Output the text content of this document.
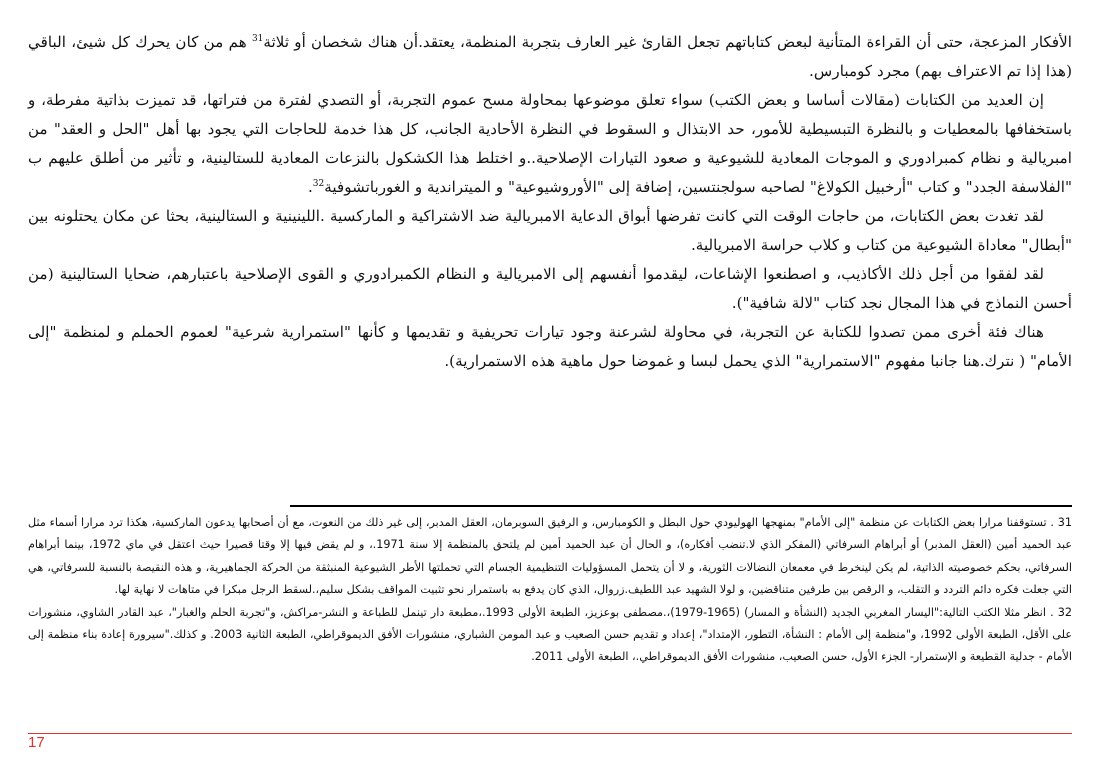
الأفكار المزعجة، حتى أن القراءة المتأنية لبعض كتاباتهم تجعل القارئ غير العارف بتجربة المنظمة، يعتقد.أن هناك شخصان أو ثلاثة$^{31}$ هم من كان يحرك كل شيئ، الباقي (هذا إذا تم الاعتراف بهم) مجرد كومبارس.

إن العديد من الكتابات (مقالات أساسا و بعض الكتب) سواء تعلق موضوعها بمحاولة مسح عموم التجربة، أو التصدي لفترة من فتراتها، قد تميزت بذاتية مفرطة، و باستخفافها بالمعطيات و بالنظرة التبسيطية للأمور، حد الابتذال و السقوط في النظرة الأحادية الجانب، كل هذا خدمة للحاجات التي يجود بها أهل "الحل و العقد" من امبريالية و نظام كمبرادوري و الموجات المعادية للشيوعية و صعود التيارات الإصلاحية..و اختلط هذا الكشكول بالنزعات المعادية للستالينية، و تأثير من أطلق عليهم ب "الفلاسفة الجدد" و كتاب "أرخبيل الكولاغ" لصاحبه سولجنتسين، إضافة إلى "الأوروشيوعية" و الميتراندية و الغورباتشوفية$^{32}$.

لقد تغدت بعض الكتابات، من حاجات الوقت التي كانت تفرضها أبواق الدعاية الامبريالية ضد الاشتراكية و الماركسية .اللينينية و الستالينية، بحثا عن مكان يحتلونه بين "أبطال" معاداة الشيوعية من كتاب و كلاب حراسة الامبريالية.

لقد لفقوا من أجل ذلك الأكاذيب، و اصطنعوا الإشاعات، ليقدموا أنفسهم إلى الامبريالية و النظام الكمبرادوري و القوى الإصلاحية باعتبارهم، ضحايا الستالينية (من أحسن النماذج في هذا المجال نجد كتاب "لالة شافية").

هناك فئة أخرى ممن تصدوا للكتابة عن التجربة، في محاولة لشرعنة وجود تيارات تحريفية و تقديمها و كأنها "استمرارية شرعية" لعموم الحملم و لمنظمة "إلى الأمام" ( نترك.هنا جانبا مفهوم "الاستمرارية" الذي يحمل لبسا و غموضا حول ماهية هذه الاستمرارية).

31 . تستوقفنا مرارا بعض الكتابات عن منظمة "إلى الأمام" بمنهجها الهوليودي حول البطل و الكومبارس، و الرفيق السوبرمان، العقل المدبر، إلى غير ذلك من النعوت، مع أن أصحابها يدعون الماركسية، هكذا ترد مرارا أسماء مثل عبد الحميد أمين (العقل المدبر) أو أبراهام السرفاتي (المفكر الذي لا.تنضب أفكاره)، و الحال أن عبد الحميد أمين لم يلتحق بالمنظمة إلا سنة 1971.، و لم يقض فيها إلا وقتا قصيرا حيث اعتقل في ماي 1972، بينما أبراهام السرفاتي، بحكم خصوصيته الذاتية، لم يكن لينخرط في معمعان النضالات الثورية، و لا أن يتحمل المسؤوليات التنظيمية الجسام التي تحملتها الأطر الشيوعية المنبثقة من الحركة الجماهيرية، و هذه النقيصة بالنسبة للسرفاتي، هي التي جعلت فكره دائم التردد و التقلب، و الرقص بين طرفين متناقضين، و لولا الشهيد عبد اللطيف.زروال، الذي كان يدفع به باستمرار نحو تثبيت المواقف بشكل سليم،.لسقط الرجل مبكرا في متاهات لا نهاية لها.

32 . انظر مثلا الكتب التالية:"اليسار المغربي الجديد (النشأة و المسار) (1965-1979)،.مصطفى بوعزيز، الطبعة الأولى 1993.،مطبعة دار تينمل للطباعة و النشر-مراكش، و"تجربة الحلم والغبار"، عبد القادر الشاوي، منشورات على الأقل، الطبعة الأولى 1992، و"منظمة إلى الأمام : النشأة، التطور، الإمتداد"، إعداد و تقديم حسن الصعيب و عبد المومن الشباري، منشورات الأفق الديموقراطي، الطبعة الثانية 2003. و كذلك."سيرورة إعادة بناء منظمة إلى الأمام - جدلية القطيعة و الإستمرار- الجزء الأول، حسن الصعيب، منشورات الأفق الديموقراطي.، الطبعة الأولى 2011.

17
